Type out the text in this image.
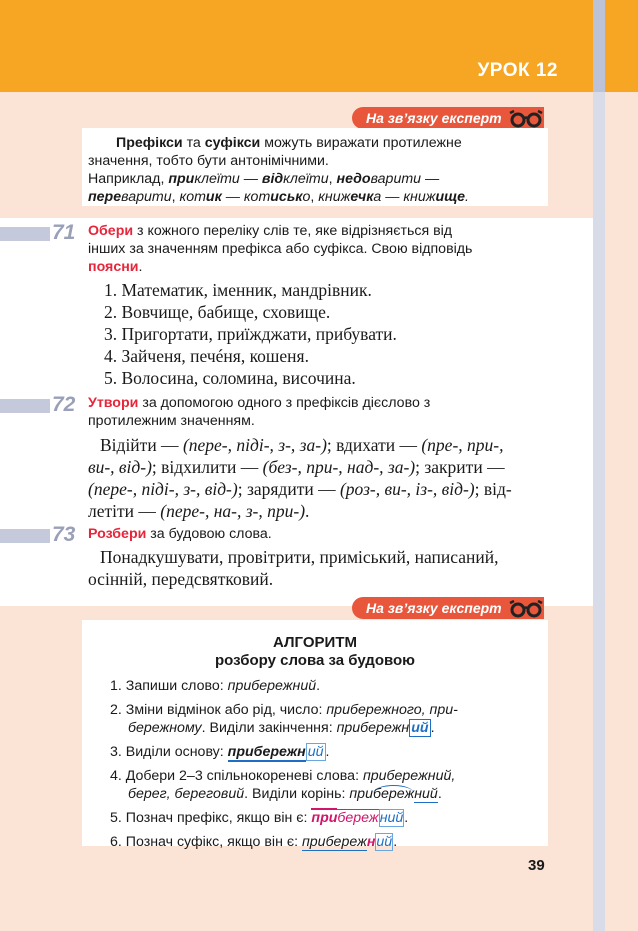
УРОК 12
На зв’язку експерт
Префікси та суфікси можуть виражати протилежне
значення, тобто бути антонімічними.
Наприклад, приклеїти — відклеїти, недоварити —
переварити, котик — котисько, книжечка — книжище.
71 Обери з кожного переліку слів те, яке відрізняється від
інших за значенням префікса або суфікса. Свою відповідь
поясни.
1. Математик, іменник, мандрівник.
2. Вовчище, бабище, сховище.
3. Пригортати, приїжджати, прибувати.
4. Зайченя, печéня, кошеня.
5. Волосина, соломина, височина.
72 Утвори за допомогою одного з префіксів дієслово з
протилежним значенням.
Відійти — (пере-, піді-, з-, за-); вдихати — (пре-, при-,
ви-, від-); відхилити — (без-, при-, над-, за-); закрити —
(пере-, піді-, з-, від-); зарядити — (роз-, ви-, із-, від-); від-
летіти — (пере-, на-, з-, при-).
73 Розбери за будовою слова.
Понадкушувати, провітрити, приміський, написаний,
осінній, передсвятковий.
На зв’язку експерт
АЛГОРИТМ
розбору слова за будовою
1. Запиши слово: прибережний.
2. Зміни відмінок або рід, число: прибережного, при-
бережному. Виділи закінчення: прибережн ий .
3. Виділи основу: прибережн ий .
4. Добери 2–3 спільнокореневі слова: прибережний,
берег, береговий. Виділи корінь: прибережний.
5. Познач префікс, якщо він є: прибережний.
6. Познач суфікс, якщо він є: прибережний.
39
